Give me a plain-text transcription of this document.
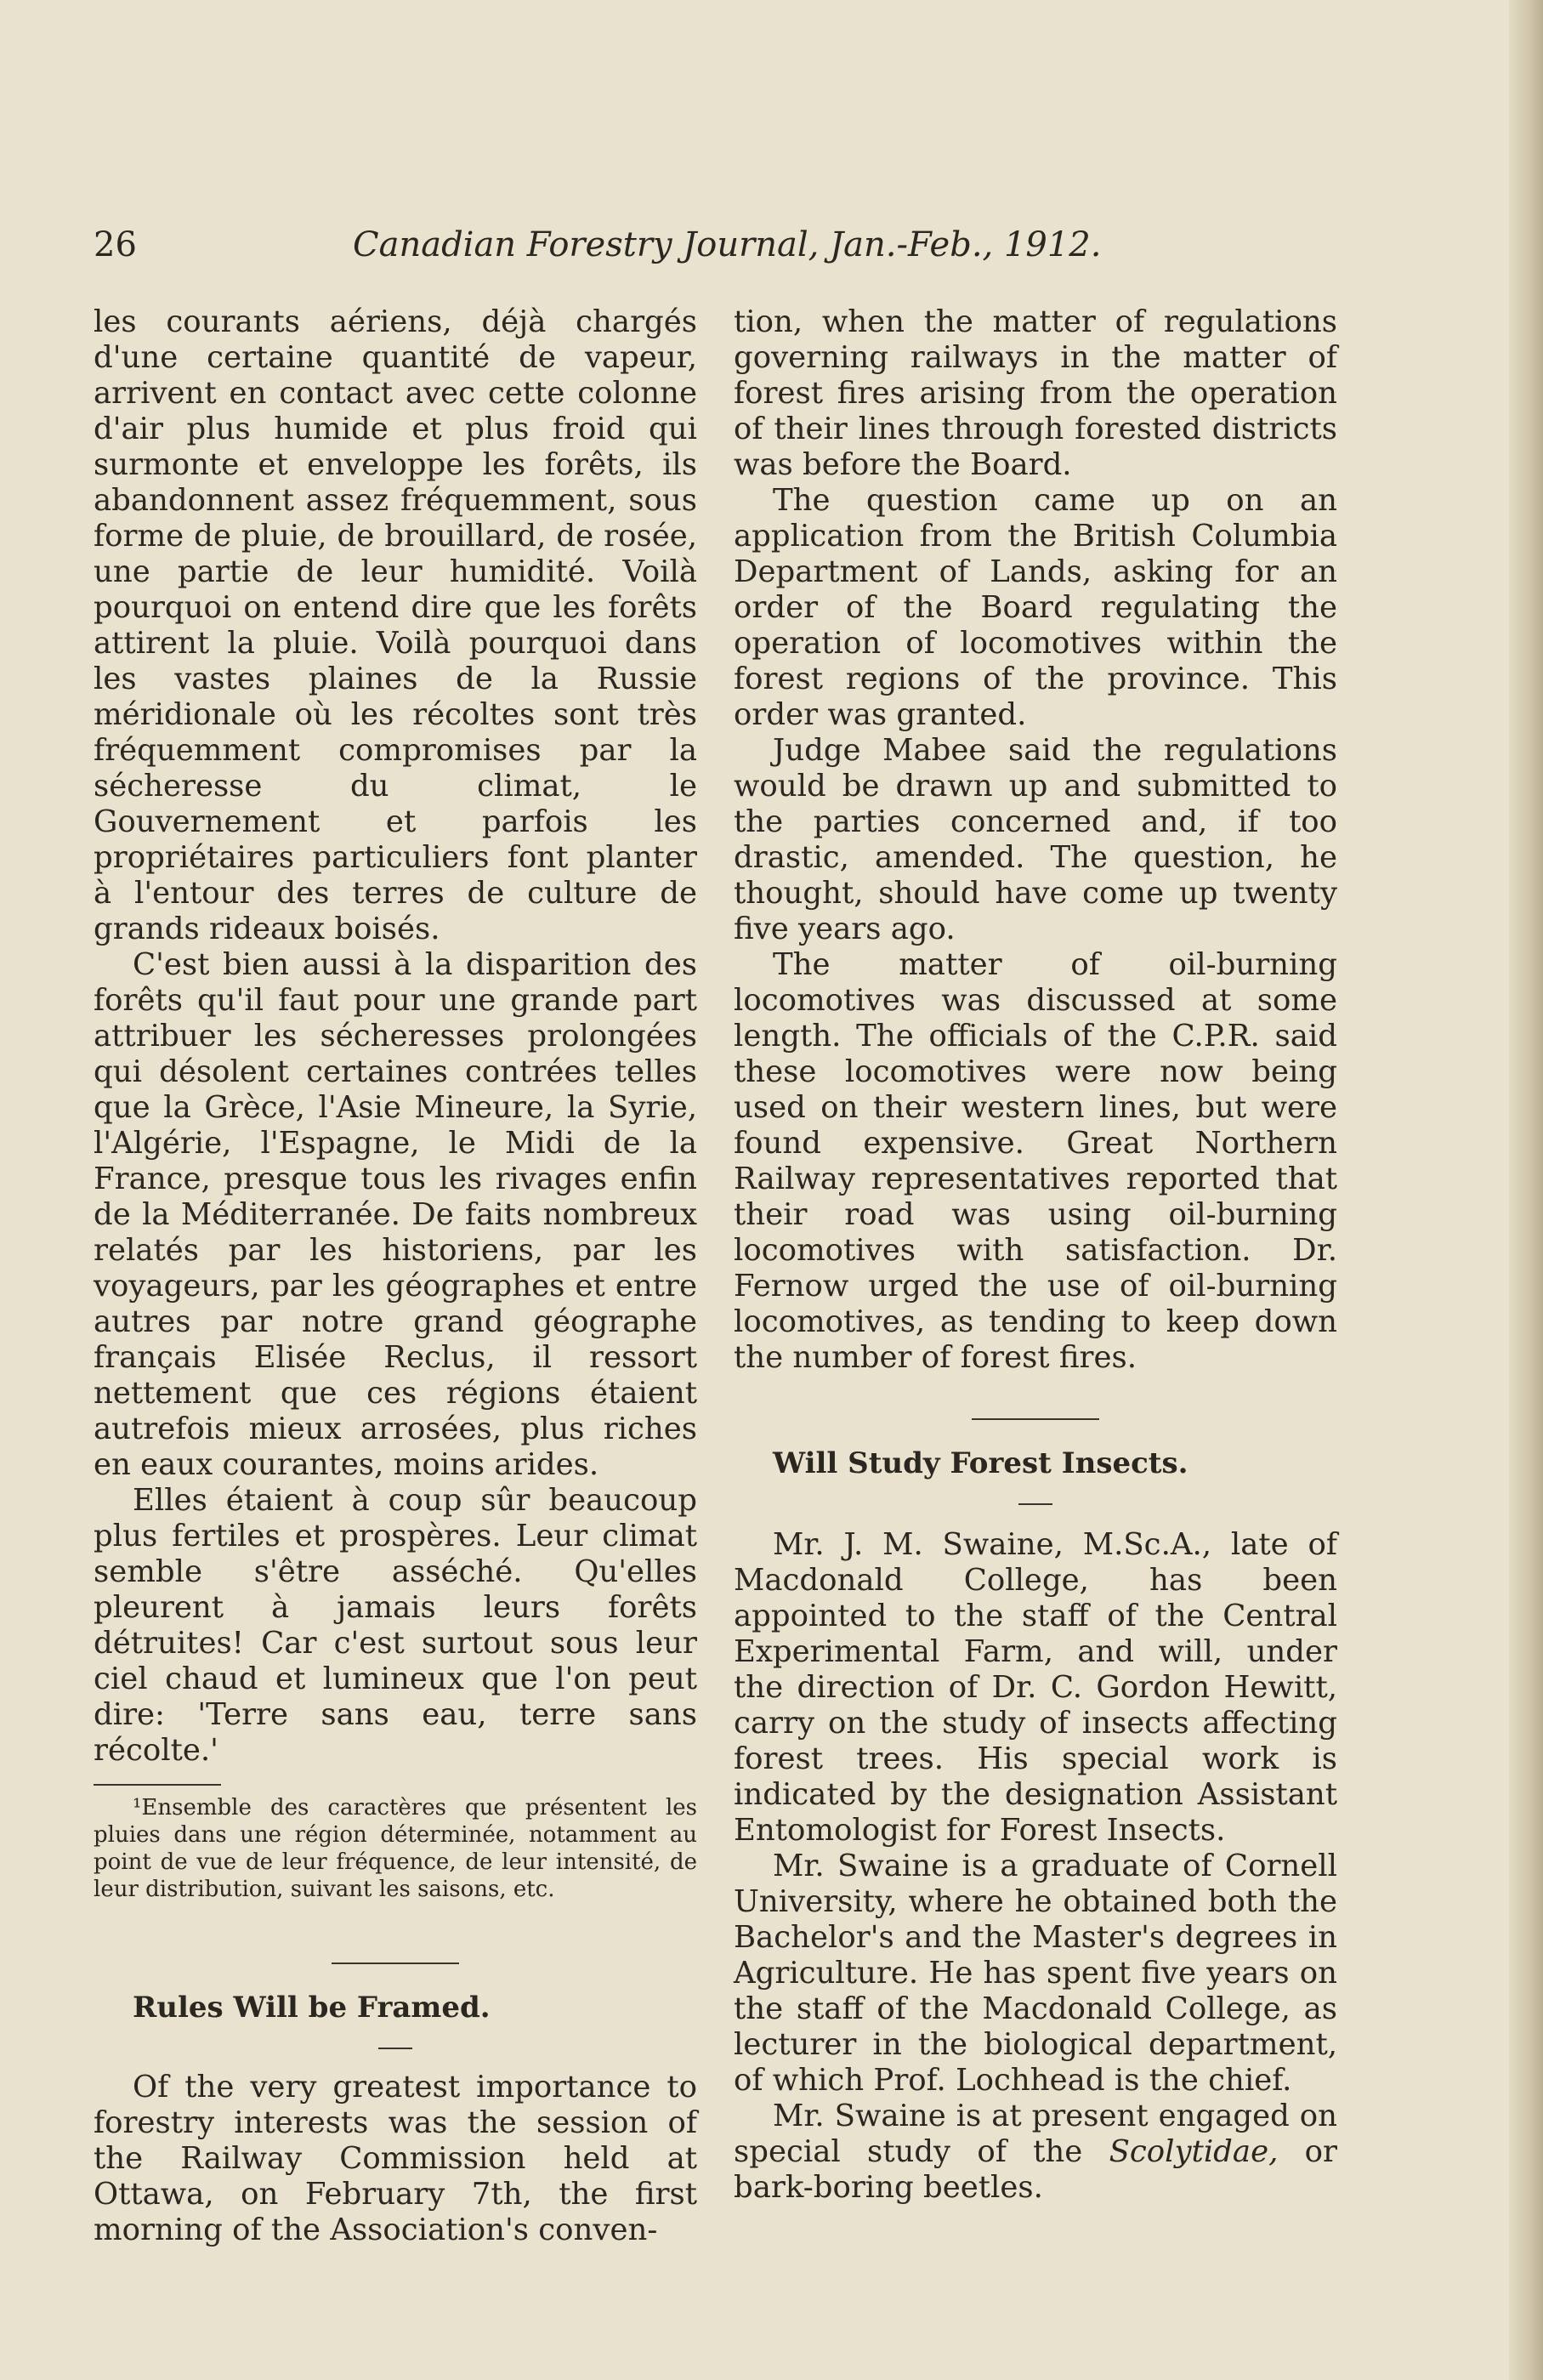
26	Canadian Forestry Journal, Jan.-Feb., 1912.

les courants aériens, déjà chargés d'une certaine quantité de vapeur, arrivent en contact avec cette colonne d'air plus humide et plus froid qui surmonte et enveloppe les forêts, ils abandonnent assez fréquemment, sous forme de pluie, de brouillard, de rosée, une partie de leur humidité. Voilà pourquoi on entend dire que les forêts attirent la pluie. Voilà pourquoi dans les vastes plaines de la Russie méridionale où les récoltes sont très fréquemment compromises par la sécheresse du climat, le Gouvernement et parfois les propriétaires particuliers font planter à l'entour des terres de culture de grands rideaux boisés.

C'est bien aussi à la disparition des forêts qu'il faut pour une grande part attribuer les sécheresses prolongées qui désolent certaines contrées telles que la Grèce, l'Asie Mineure, la Syrie, l'Algérie, l'Espagne, le Midi de la France, presque tous les rivages enfin de la Méditerranée. De faits nombreux relatés par les historiens, par les voyageurs, par les géographes et entre autres par notre grand géographe français Elisée Reclus, il ressort nettement que ces régions étaient autrefois mieux arrosées, plus riches en eaux courantes, moins arides.

Elles étaient à coup sûr beaucoup plus fertiles et prospères. Leur climat semble s'être asséché. Qu'elles pleurent à jamais leurs forêts détruites! Car c'est surtout sous leur ciel chaud et lumineux que l'on peut dire: 'Terre sans eau, terre sans récolte.'

¹Ensemble des caractères que présentent les pluies dans une région déterminée, notamment au point de vue de leur fréquence, de leur intensité, de leur distribution, suivant les saisons, etc.

Rules Will be Framed.

Of the very greatest importance to forestry interests was the session of the Railway Commission held at Ottawa, on February 7th, the first morning of the Association's conven-

tion, when the matter of regulations governing railways in the matter of forest fires arising from the operation of their lines through forested districts was before the Board.

The question came up on an application from the British Columbia Department of Lands, asking for an order of the Board regulating the operation of locomotives within the forest regions of the province. This order was granted.

Judge Mabee said the regulations would be drawn up and submitted to the parties concerned and, if too drastic, amended. The question, he thought, should have come up twenty five years ago.

The matter of oil-burning locomotives was discussed at some length. The officials of the C.P.R. said these locomotives were now being used on their western lines, but were found expensive. Great Northern Railway representatives reported that their road was using oil-burning locomotives with satisfaction. Dr. Fernow urged the use of oil-burning locomotives, as tending to keep down the number of forest fires.

Will Study Forest Insects.

Mr. J. M. Swaine, M.Sc.A., late of Macdonald College, has been appointed to the staff of the Central Experimental Farm, and will, under the direction of Dr. C. Gordon Hewitt, carry on the study of insects affecting forest trees. His special work is indicated by the designation Assistant Entomologist for Forest Insects.

Mr. Swaine is a graduate of Cornell University, where he obtained both the Bachelor's and the Master's degrees in Agriculture. He has spent five years on the staff of the Macdonald College, as lecturer in the biological department, of which Prof. Lochhead is the chief.

Mr. Swaine is at present engaged on special study of the Scolytidae, or bark-boring beetles.
